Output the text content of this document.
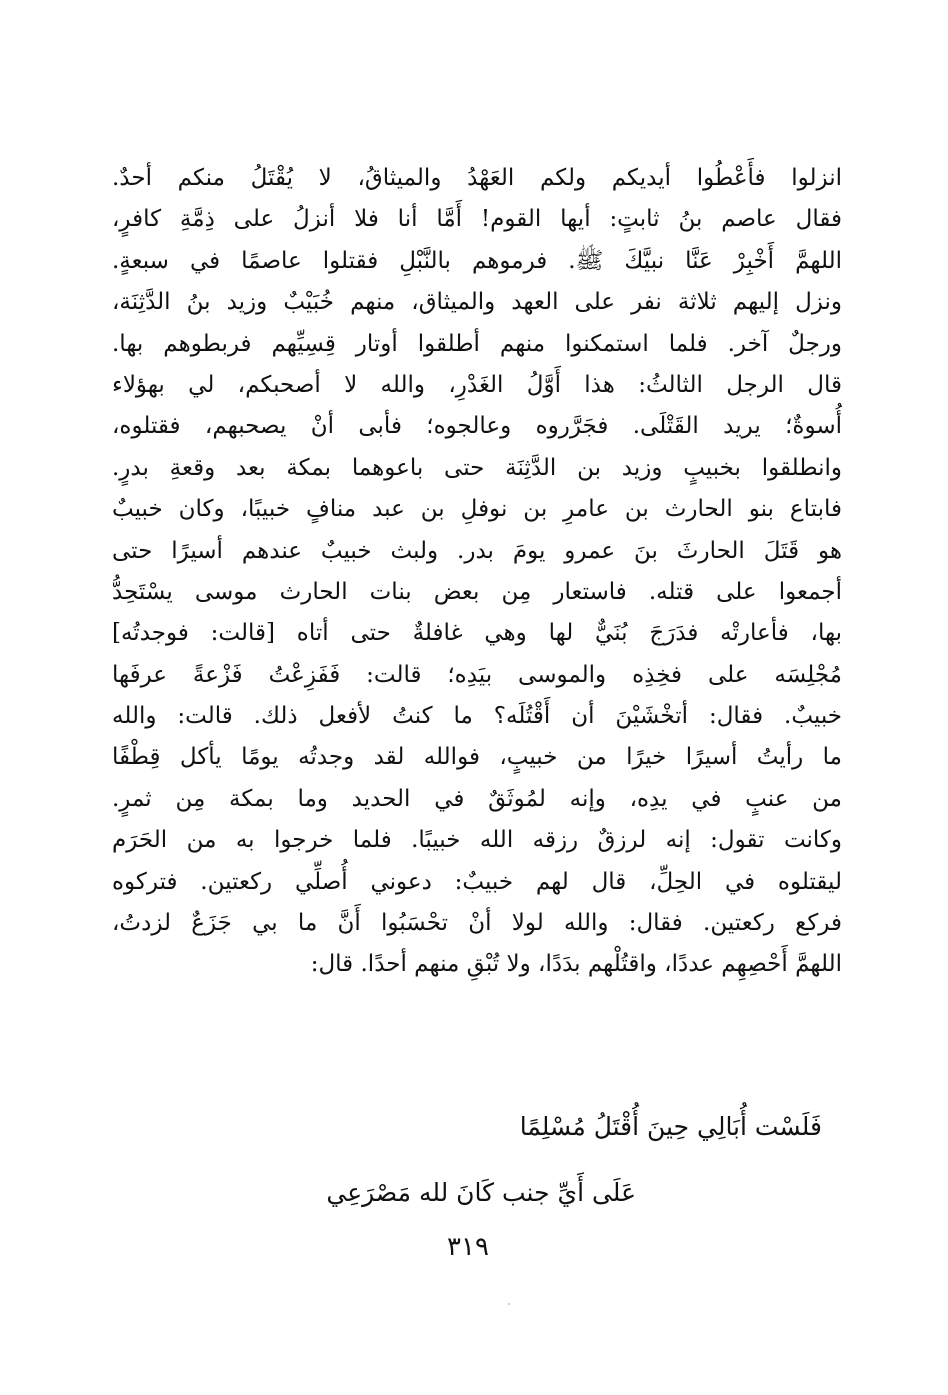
انزلوا فأَعْطُوا أيديكم ولكم العَهْدُ والميثاقُ، لا يُقْتَلُ منكم أحدٌ.
فقال عاصم بنُ ثابتٍ: أيها القوم! أَمَّا أنا فلا أنزلُ على ذِمَّةِ كافرٍ،
اللهمَّ أَخْبِرْ عَنَّا نبيَّكَ ﷺ. فرموهم بالنَّبْلِ فقتلوا عاصمًا في سبعةٍ.
ونزل إليهم ثلاثة نفر على العهد والميثاق، منهم خُبَيْبٌ وزيد بنُ الدَّثِنَة،
ورجلٌ آخر. فلما استمكنوا منهم أطلقوا أوتار قِسِيِّهم فربطوهم بها.
قال الرجل الثالثُ: هذا أَوَّلُ الغَدْرِ، والله لا أصحبكم، لي بهؤلاء
أُسوةٌ؛ يريد القَتْلَى. فجَرَّروه وعالجوه؛ فأبى أنْ يصحبهم، فقتلوه،
وانطلقوا بخبيبٍ وزيد بن الدَّثِنَة حتى باعوهما بمكة بعد وقعةِ بدرٍ.
فابتاع بنو الحارث بن عامرِ بن نوفلِ بن عبد منافٍ خبيبًا، وكان خبيبٌ
هو قَتَلَ الحارثَ بنَ عمرو يومَ بدر. ولبث خبيبٌ عندهم أسيرًا حتى
أجمعوا على قتله. فاستعار مِن بعض بنات الحارث موسى يسْتَحِدُّ
بها، فأعارتْه فدَرَجَ بُنَيٌّ لها وهي غافلةٌ حتى أتاه [قالت: فوجدتُه]
مُجْلِسَه على فخِذِه والموسى بيَدِه؛ قالت: فَفَزِعْتُ فَزْعةً عرفَها
خبيبٌ. فقال: أتخْشَيْنَ أن أَقْتُلَه؟ ما كنتُ لأفعل ذلك. قالت: والله
ما رأيتُ أسيرًا خيرًا من خبيبٍ، فوالله لقد وجدتُه يومًا يأكل قِطْفًا
من عنبٍ في يدِه، وإنه لمُوثَقٌ في الحديد وما بمكة مِن ثمرٍ.
وكانت تقول: إنه لرزقٌ رزقه الله خبيبًا. فلما خرجوا به من الحَرَم
ليقتلوه في الحِلِّ، قال لهم خبيبٌ: دعوني أُصلِّي ركعتين. فتركوه
فركع ركعتين. فقال: والله لولا أنْ تحْسَبُوا أَنَّ ما بي جَزَعٌ لزدتُ،
اللهمَّ أَحْصِهِم عددًا، واقتُلْهم بدَدًا، ولا تُبْقِ منهم أحدًا. قال:
فَلَسْت أُبَالِي حِينَ أُقْتَلُ مُسْلِمًا
عَلَى أَيِّ جنب كَانَ لله مَصْرَعِي
٣١٩
